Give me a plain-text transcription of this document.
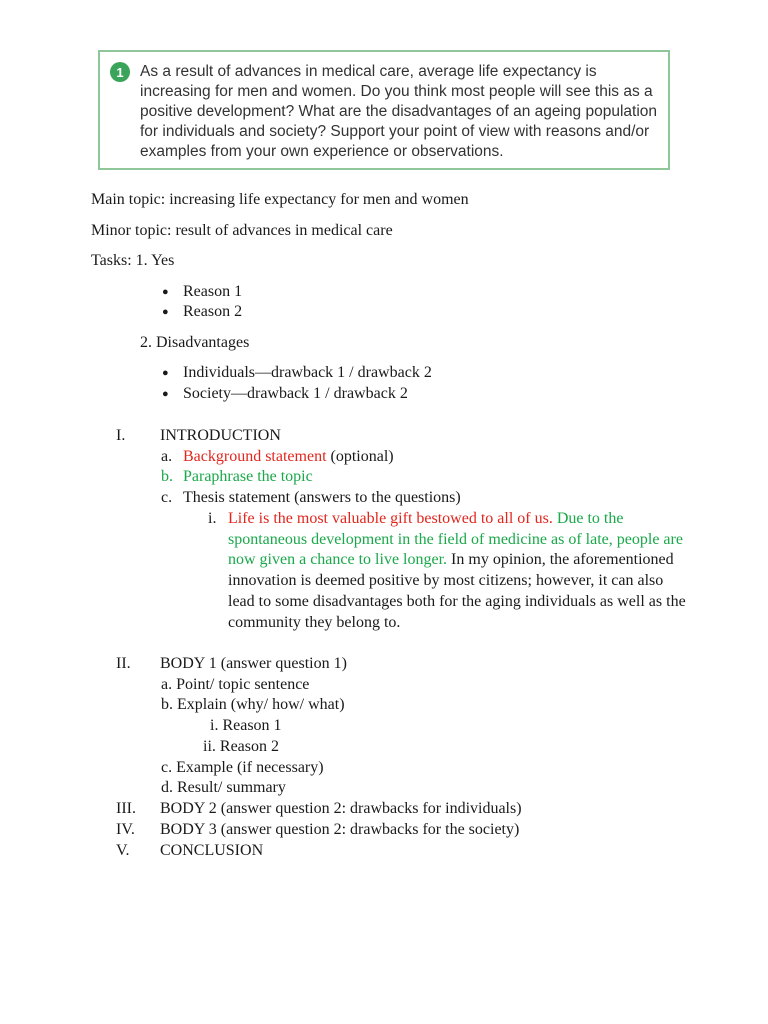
1	As a result of advances in medical care, average life expectancy is increasing for men and women. Do you think most people will see this as a positive development? What are the disadvantages of an ageing population for individuals and society? Support your point of view with reasons and/or examples from your own experience or observations.
Main topic: increasing life expectancy for men and women
Minor topic: result of advances in medical care
Tasks: 1. Yes
● Reason 1
● Reason 2
2. Disadvantages
● Individuals—drawback 1 / drawback 2
● Society—drawback 1 / drawback 2
I. INTRODUCTION
a. Background statement (optional)
b. Paraphrase the topic
c. Thesis statement (answers to the questions)
i. Life is the most valuable gift bestowed to all of us. Due to the spontaneous development in the field of medicine as of late, people are now given a chance to live longer. In my opinion, the aforementioned innovation is deemed positive by most citizens; however, it can also lead to some disadvantages both for the aging individuals as well as the community they belong to.
II. BODY 1 (answer question 1)
a. Point/ topic sentence
b. Explain (why/ how/ what)
i. Reason 1
ii. Reason 2
c. Example (if necessary)
d. Result/ summary
III. BODY 2 (answer question 2: drawbacks for individuals)
IV. BODY 3 (answer question 2: drawbacks for the society)
V. CONCLUSION
